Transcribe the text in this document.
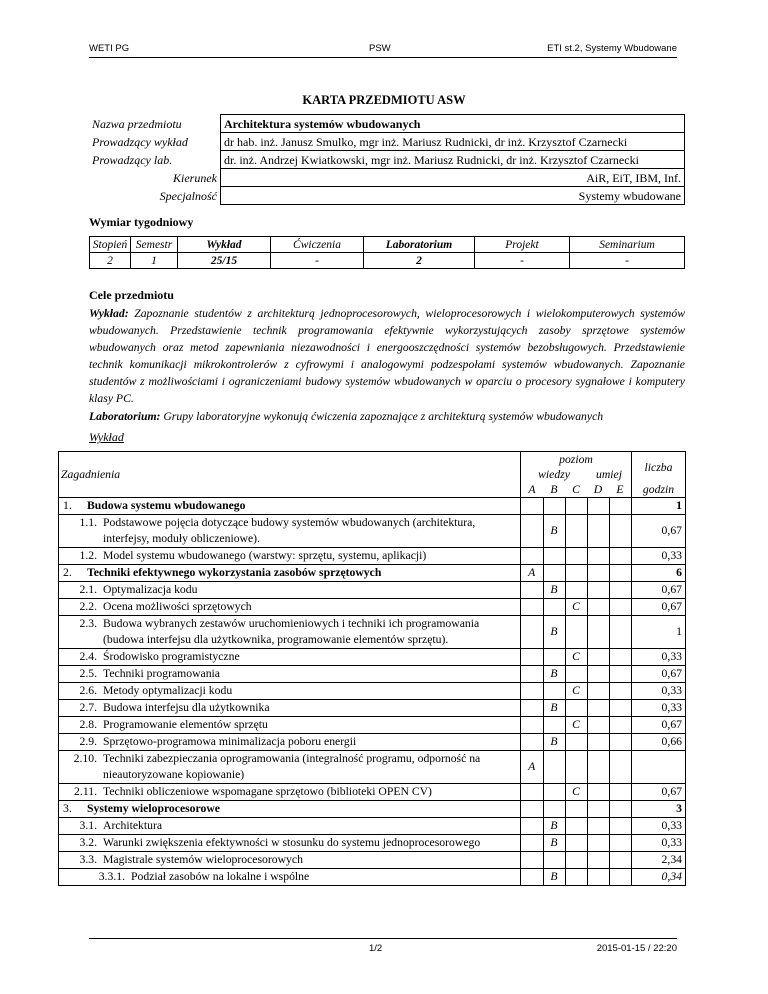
WETI PG	PSW	ETI st.2, Systemy Wbudowane
KARTA PRZEDMIOTU ASW
Nazwa przedmiotu	Architektura systemów wbudowanych
Prowadzący wykład	dr hab. inż. Janusz Smulko, mgr inż. Mariusz Rudnicki, dr inż. Krzysztof Czarnecki
Prowadzący lab.	dr. inż. Andrzej Kwiatkowski, mgr inż. Mariusz Rudnicki, dr inż. Krzysztof Czarnecki
Kierunek	AiR, EiT, IBM, Inf.
Specjalność	Systemy wbudowane
Wymiar tygodniowy
Stopień	Semestr	Wykład	Ćwiczenia	Laboratorium	Projekt	Seminarium
2	1	25/15	-	2	-	-
Cele przedmiotu
Wykład: Zapoznanie studentów z architekturą jednoprocesorowych, wieloprocesorowych i wielokomputerowych systemów wbudowanych. Przedstawienie technik programowania efektywnie wykorzystujących zasoby sprzętowe systemów wbudowanych oraz metod zapewniania niezawodności i energooszczędności systemów bezobsługowych. Przedstawienie technik komunikacji mikrokontrolerów z cyfrowymi i analogowymi podzespołami systemów wbudowanych. Zapoznanie studentów z możliwościami i ograniczeniami budowy systemów wbudowanych w oparciu o procesory sygnałowe i komputery klasy PC.
Laboratorium: Grupy laboratoryjne wykonują ćwiczenia zapoznające z architekturą systemów wbudowanych
Wykład
Zagadnienia	poziom					liczba
	wiedzy			umiej		
	A	B	C	D	E	godzin
1. Budowa systemu wbudowanego						1
1.1. Podstawowe pojęcia dotyczące budowy systemów wbudowanych (architektura, interfejsy, moduły obliczeniowe).		B				0,67
1.2. Model systemu wbudowanego (warstwy: sprzętu, systemu, aplikacji)						0,33
2. Techniki efektywnego wykorzystania zasobów sprzętowych	A					6
2.1. Optymalizacja kodu		B				0,67
2.2. Ocena możliwości sprzętowych			C			0,67
2.3. Budowa wybranych zestawów uruchomieniowych i techniki ich programowania (budowa interfejsu dla użytkownika, programowanie elementów sprzętu).		B				1
2.4. Środowisko programistyczne			C			0,33
2.5. Techniki programowania		B				0,67
2.6. Metody optymalizacji kodu			C			0,33
2.7. Budowa interfejsu dla użytkownika		B				0,33
2.8. Programowanie elementów sprzętu			C			0,67
2.9. Sprzętowo-programowa minimalizacja poboru energii		B				0,66
2.10. Techniki zabezpieczania oprogramowania (integralność programu, odporność na nieautoryzowane kopiowanie)	A					
2.11. Techniki obliczeniowe wspomagane sprzętowo (biblioteki OPEN CV)			C			0,67
3. Systemy wieloprocesorowe						3
3.1. Architektura		B				0,33
3.2.Warunki zwiększenia efektywności w stosunku do systemu jednoprocesorowego		B				0,33
3.3. Magistrale systemów wieloprocesorowych						2,34
3.3.1. Podział zasobów na lokalne i wspólne		B				0,34
1/2	2015-01-15 / 22:20
